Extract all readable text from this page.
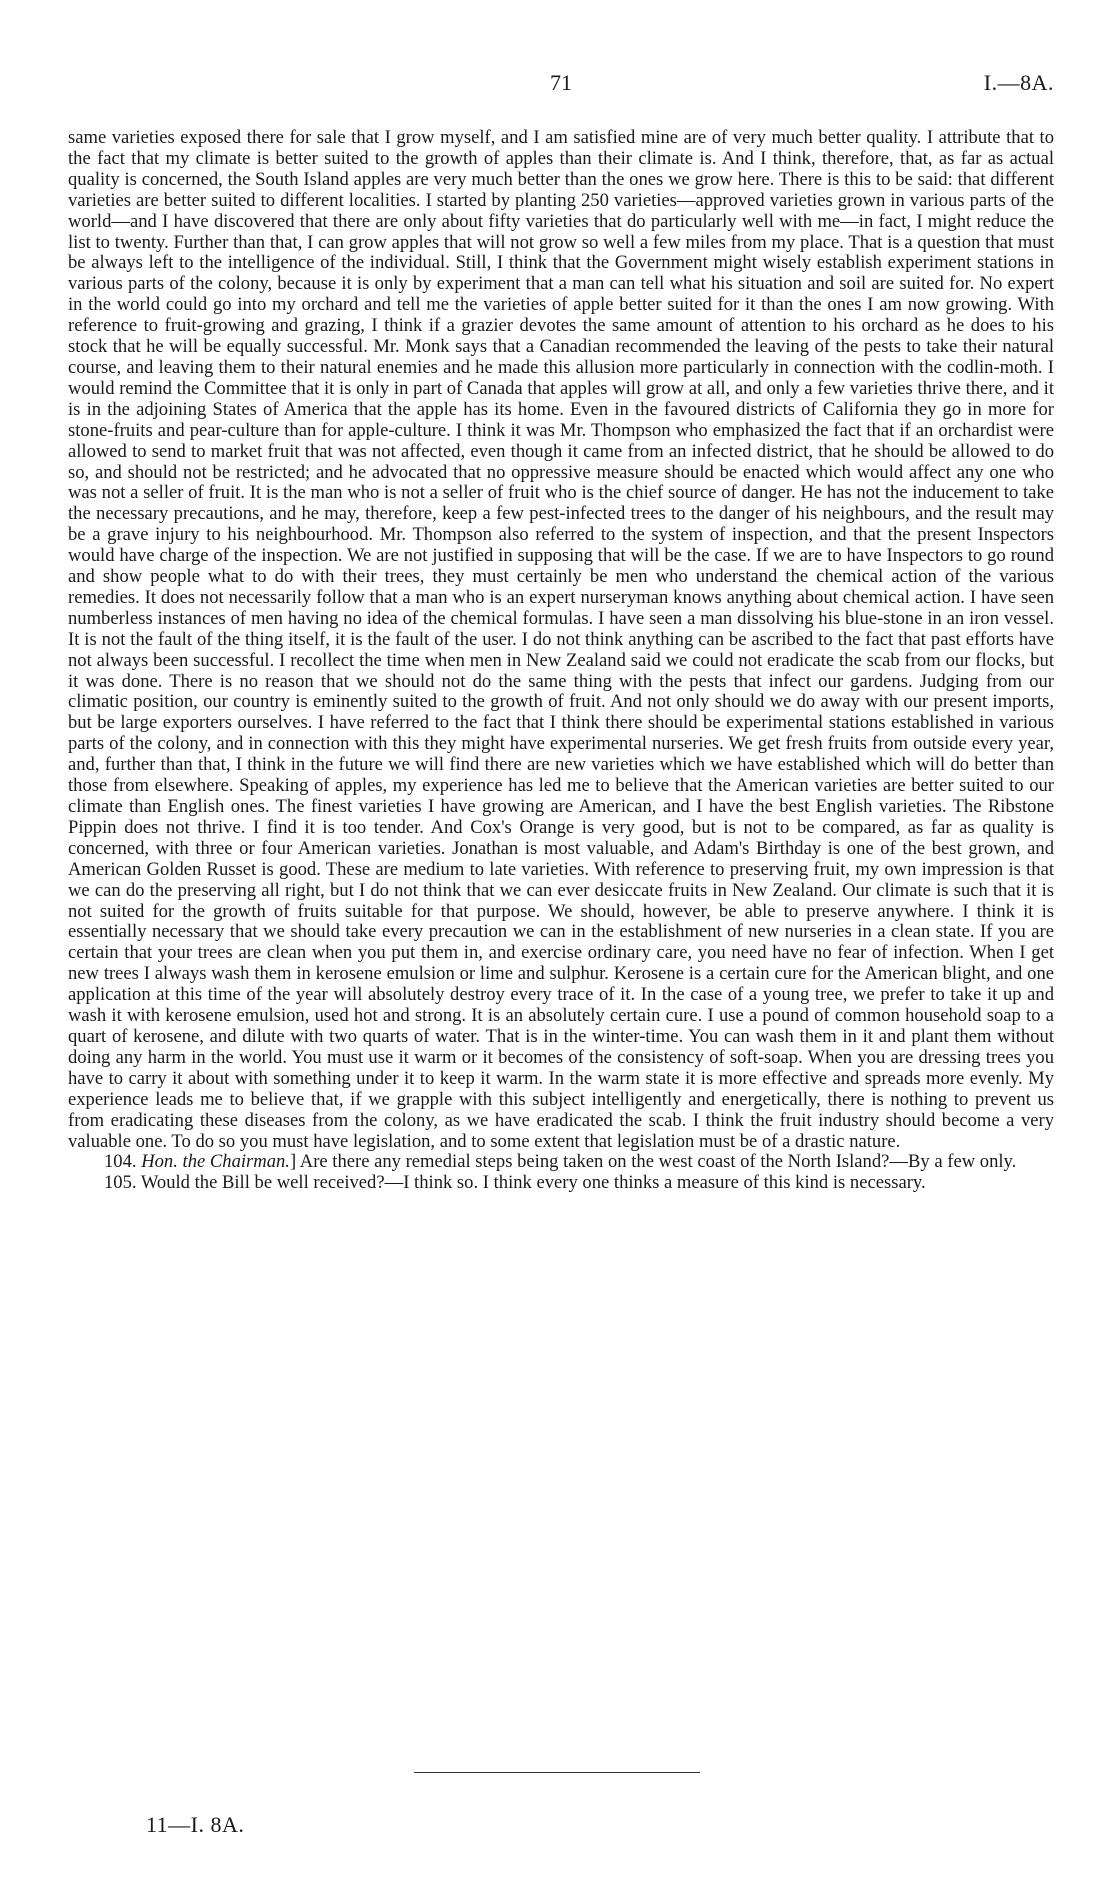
71	I.—8A.

same varieties exposed there for sale that I grow myself, and I am satisfied mine are of very much better quality. I attribute that to the fact that my climate is better suited to the growth of apples than their climate is. And I think, therefore, that, as far as actual quality is concerned, the South Island apples are very much better than the ones we grow here. There is this to be said: that different varieties are better suited to different localities. I started by planting 250 varieties—approved varieties grown in various parts of the world—and I have discovered that there are only about fifty varieties that do particularly well with me—in fact, I might reduce the list to twenty. Further than that, I can grow apples that will not grow so well a few miles from my place. That is a question that must be always left to the intelligence of the individual. Still, I think that the Government might wisely establish experiment stations in various parts of the colony, because it is only by experiment that a man can tell what his situation and soil are suited for. No expert in the world could go into my orchard and tell me the varieties of apple better suited for it than the ones I am now growing. With reference to fruit-growing and grazing, I think if a grazier devotes the same amount of attention to his orchard as he does to his stock that he will be equally successful. Mr. Monk says that a Canadian recommended the leaving of the pests to take their natural course, and leaving them to their natural enemies and he made this allusion more particularly in connection with the codlin-moth. I would remind the Committee that it is only in part of Canada that apples will grow at all, and only a few varieties thrive there, and it is in the adjoining States of America that the apple has its home. Even in the favoured districts of California they go in more for stone-fruits and pear-culture than for apple-culture. I think it was Mr. Thompson who emphasized the fact that if an orchardist were allowed to send to market fruit that was not affected, even though it came from an infected district, that he should be allowed to do so, and should not be restricted; and he advocated that no oppressive measure should be enacted which would affect any one who was not a seller of fruit. It is the man who is not a seller of fruit who is the chief source of danger. He has not the inducement to take the necessary precautions, and he may, therefore, keep a few pest-infected trees to the danger of his neighbours, and the result may be a grave injury to his neighbourhood. Mr. Thompson also referred to the system of inspection, and that the present Inspectors would have charge of the inspection. We are not justified in supposing that will be the case. If we are to have Inspectors to go round and show people what to do with their trees, they must certainly be men who understand the chemical action of the various remedies. It does not necessarily follow that a man who is an expert nurseryman knows anything about chemical action. I have seen numberless instances of men having no idea of the chemical formulas. I have seen a man dissolving his blue-stone in an iron vessel. It is not the fault of the thing itself, it is the fault of the user. I do not think anything can be ascribed to the fact that past efforts have not always been successful. I recollect the time when men in New Zealand said we could not eradicate the scab from our flocks, but it was done. There is no reason that we should not do the same thing with the pests that infect our gardens. Judging from our climatic position, our country is eminently suited to the growth of fruit. And not only should we do away with our present imports, but be large exporters ourselves. I have referred to the fact that I think there should be experimental stations established in various parts of the colony, and in connection with this they might have experimental nurseries. We get fresh fruits from outside every year, and, further than that, I think in the future we will find there are new varieties which we have established which will do better than those from elsewhere. Speaking of apples, my experience has led me to believe that the American varieties are better suited to our climate than English ones. The finest varieties I have growing are American, and I have the best English varieties. The Ribstone Pippin does not thrive. I find it is too tender. And Cox's Orange is very good, but is not to be compared, as far as quality is concerned, with three or four American varieties. Jonathan is most valuable, and Adam's Birthday is one of the best grown, and American Golden Russet is good. These are medium to late varieties. With reference to preserving fruit, my own impression is that we can do the preserving all right, but I do not think that we can ever desiccate fruits in New Zealand. Our climate is such that it is not suited for the growth of fruits suitable for that purpose. We should, however, be able to preserve anywhere. I think it is essentially necessary that we should take every precaution we can in the establishment of new nurseries in a clean state. If you are certain that your trees are clean when you put them in, and exercise ordinary care, you need have no fear of infection. When I get new trees I always wash them in kerosene emulsion or lime and sulphur. Kerosene is a certain cure for the American blight, and one application at this time of the year will absolutely destroy every trace of it. In the case of a young tree, we prefer to take it up and wash it with kerosene emulsion, used hot and strong. It is an absolutely certain cure. I use a pound of common household soap to a quart of kerosene, and dilute with two quarts of water. That is in the winter-time. You can wash them in it and plant them without doing any harm in the world. You must use it warm or it becomes of the consistency of soft-soap. When you are dressing trees you have to carry it about with something under it to keep it warm. In the warm state it is more effective and spreads more evenly. My experience leads me to believe that, if we grapple with this subject intelligently and energetically, there is nothing to prevent us from eradicating these diseases from the colony, as we have eradicated the scab. I think the fruit industry should become a very valuable one. To do so you must have legislation, and to some extent that legislation must be of a drastic nature.

104. Hon. the Chairman.] Are there any remedial steps being taken on the west coast of the North Island?—By a few only.

105. Would the Bill be well received?—I think so. I think every one thinks a measure of this kind is necessary.

11—I. 8A.
